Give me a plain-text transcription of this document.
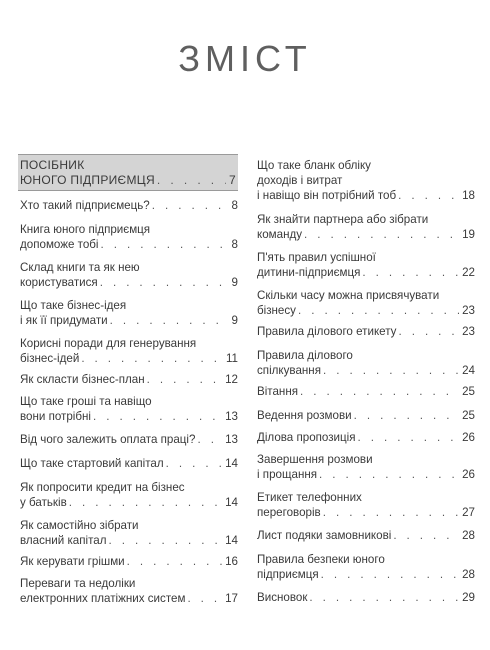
ЗМІСТ
ПОСІБНИК
ЮНОГО ПІДПРИЄМЦЯ . . .	7
Хто такий підприємець? . . .	8
Книга юного підприємця
допоможе тобі . . .	8
Склад книги та як нею
користуватися . . .	9
Що таке бізнес-ідея
і як її придумати . . .	9
Корисні поради для генерування
бізнес-ідей . . .	11
Як скласти бізнес-план . . .	12
Що таке гроші та навіщо
вони потрібні . . .	13
Від чого залежить оплата праці? . . .	13
Що таке стартовий капітал . . .	14
Як попросити кредит на бізнес
у батьків . . .	14
Як самостійно зібрати
власний капітал . . .	14
Як керувати грішми . . .	16
Переваги та недоліки
електронних платіжних систем . . .	17
Що таке бланк обліку
доходів і витрат
і навіщо він потрібний тоб . . .	18
Як знайти партнера або зібрати
команду . . .	19
П'ять правил успішної
дитини-підприємця . . .	22
Скільки часу можна присвячувати
бізнесу . . .	23
Правила ділового етикету . . .	23
Правила ділового
спілкування . . .	24
Вітання . . .	25
Ведення розмови . . .	25
Ділова пропозиція . . .	26
Завершення розмови
і прощання . . .	26
Етикет телефонних
переговорів . . .	27
Лист подяки замовникові . . .	28
Правила безпеки юного
підприємця . . .	28
Висновок . . .	29
